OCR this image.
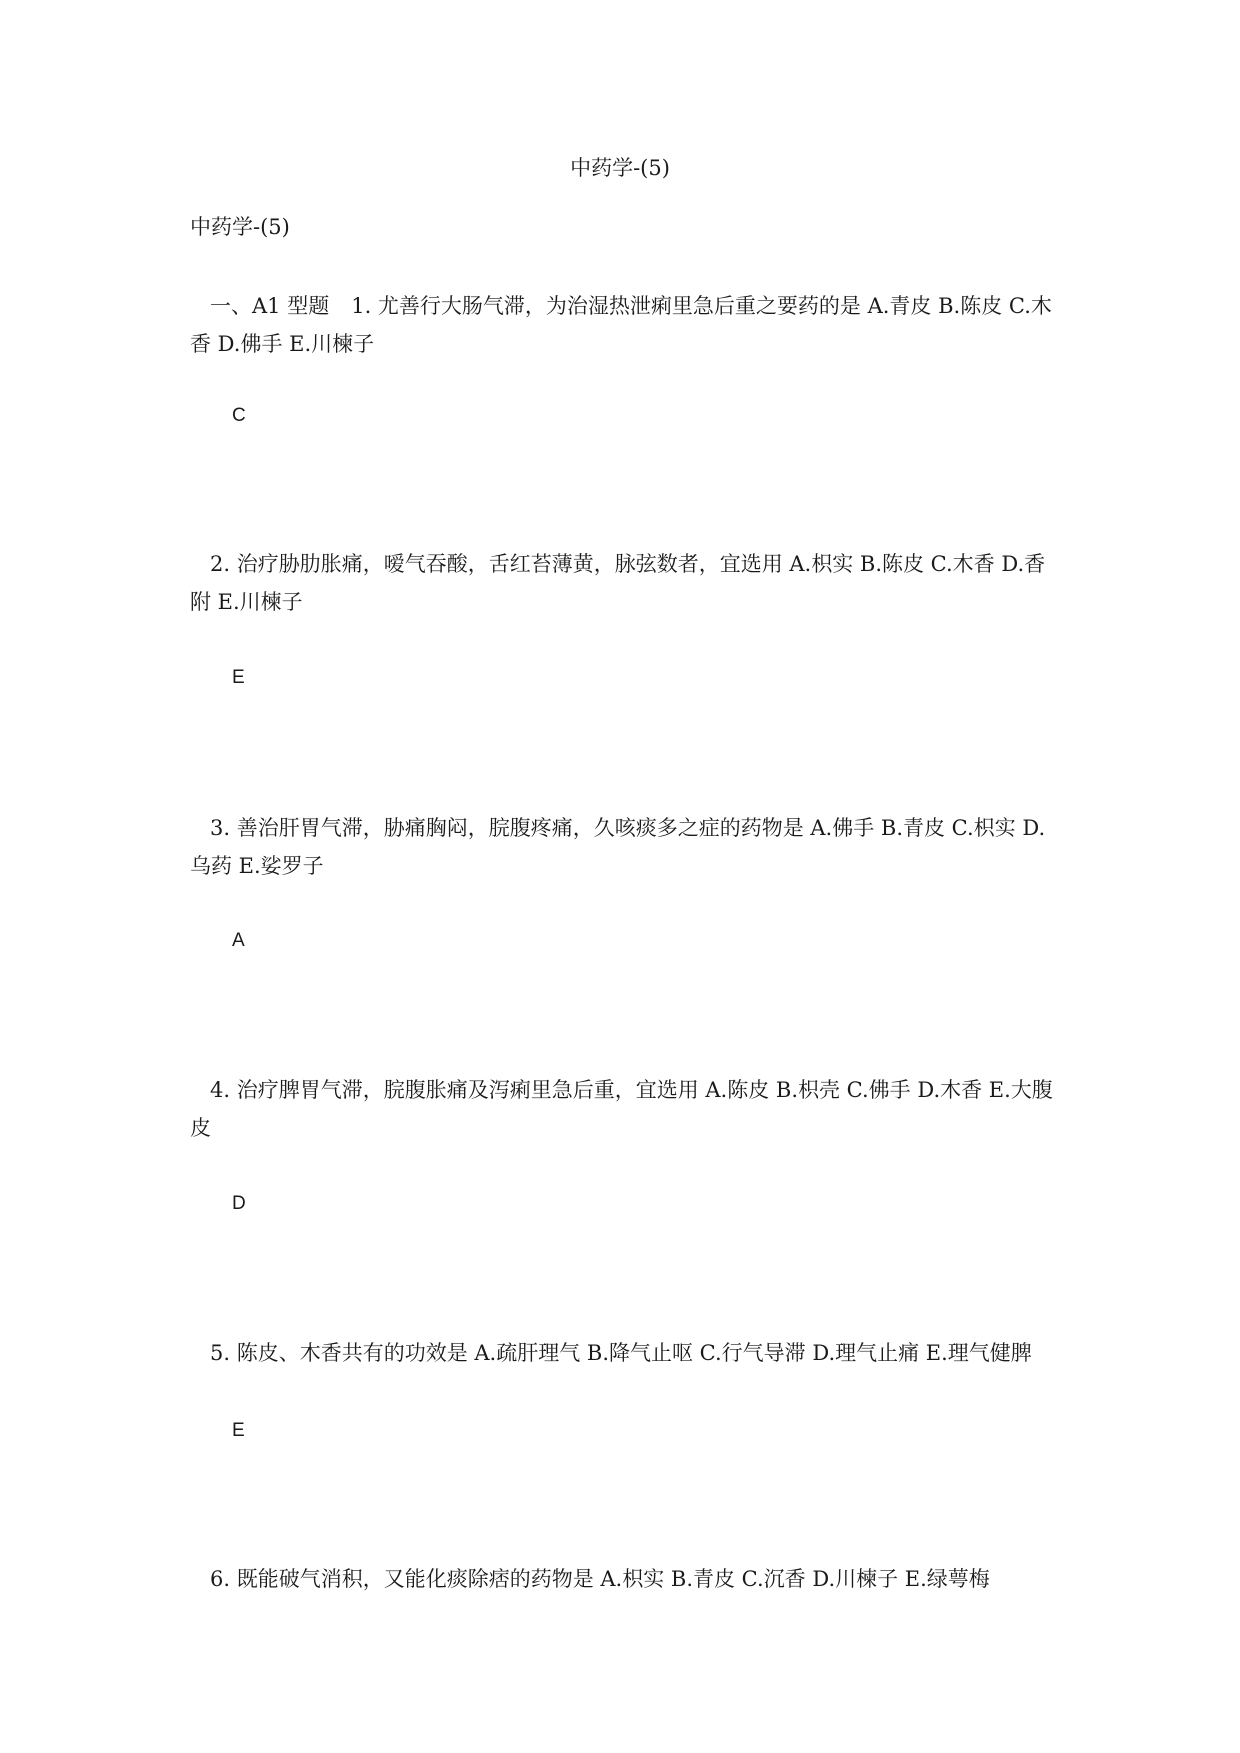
中药学-(5)
中药学-(5)
一、A1 型题 1. 尤善行大肠气滞，为治湿热泄痢里急后重之要药的是 A.青皮 B.陈皮 C.木香 D.佛手 E.川楝子
C
2. 治疗胁肋胀痛，嗳气吞酸，舌红苔薄黄，脉弦数者，宜选用 A.枳实 B.陈皮 C.木香 D.香附 E.川楝子
E
3. 善治肝胃气滞，胁痛胸闷，脘腹疼痛，久咳痰多之症的药物是 A.佛手 B.青皮 C.枳实 D.乌药 E.娑罗子
A
4. 治疗脾胃气滞，脘腹胀痛及泻痢里急后重，宜选用 A.陈皮 B.枳壳 C.佛手 D.木香 E.大腹皮
D
5. 陈皮、木香共有的功效是 A.疏肝理气 B.降气止呕 C.行气导滞 D.理气止痛 E.理气健脾
E
6. 既能破气消积，又能化痰除痞的药物是 A.枳实 B.青皮 C.沉香 D.川楝子 E.绿萼梅
